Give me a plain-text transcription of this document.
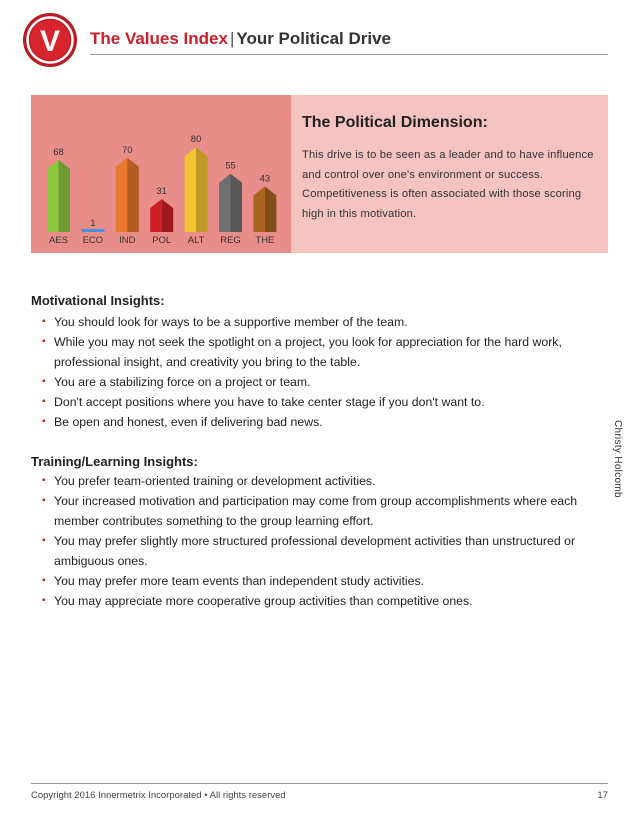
V The Values Index | Your Political Drive
68
AES
1
ECO
70
IND
31
POL
80
ALT
55
REG
43
THE
The Political Dimension:
This drive is to be seen as a leader and to have influence and control over one's environment or success. Competitiveness is often associated with those scoring high in this motivation.
Christy Holcomb
Motivational Insights:
▪ You should look for ways to be a supportive member of the team.
▪ While you may not seek the spotlight on a project, you look for appreciation for the hard work, professional insight, and creativity you bring to the table.
▪ You are a stabilizing force on a project or team.
▪ Don't accept positions where you have to take center stage if you don't want to.
▪ Be open and honest, even if delivering bad news.
Training/Learning Insights:
▪ You prefer team-oriented training or development activities.
▪ Your increased motivation and participation may come from group accomplishments where each member contributes something to the group learning effort.
▪ You may prefer slightly more structured professional development activities than unstructured or ambiguous ones.
▪ You may prefer more team events than independent study activities.
▪ You may appreciate more cooperative group activities than competitive ones.
Copyright 2016 Innermetrix Incorporated • All rights reserved	17
